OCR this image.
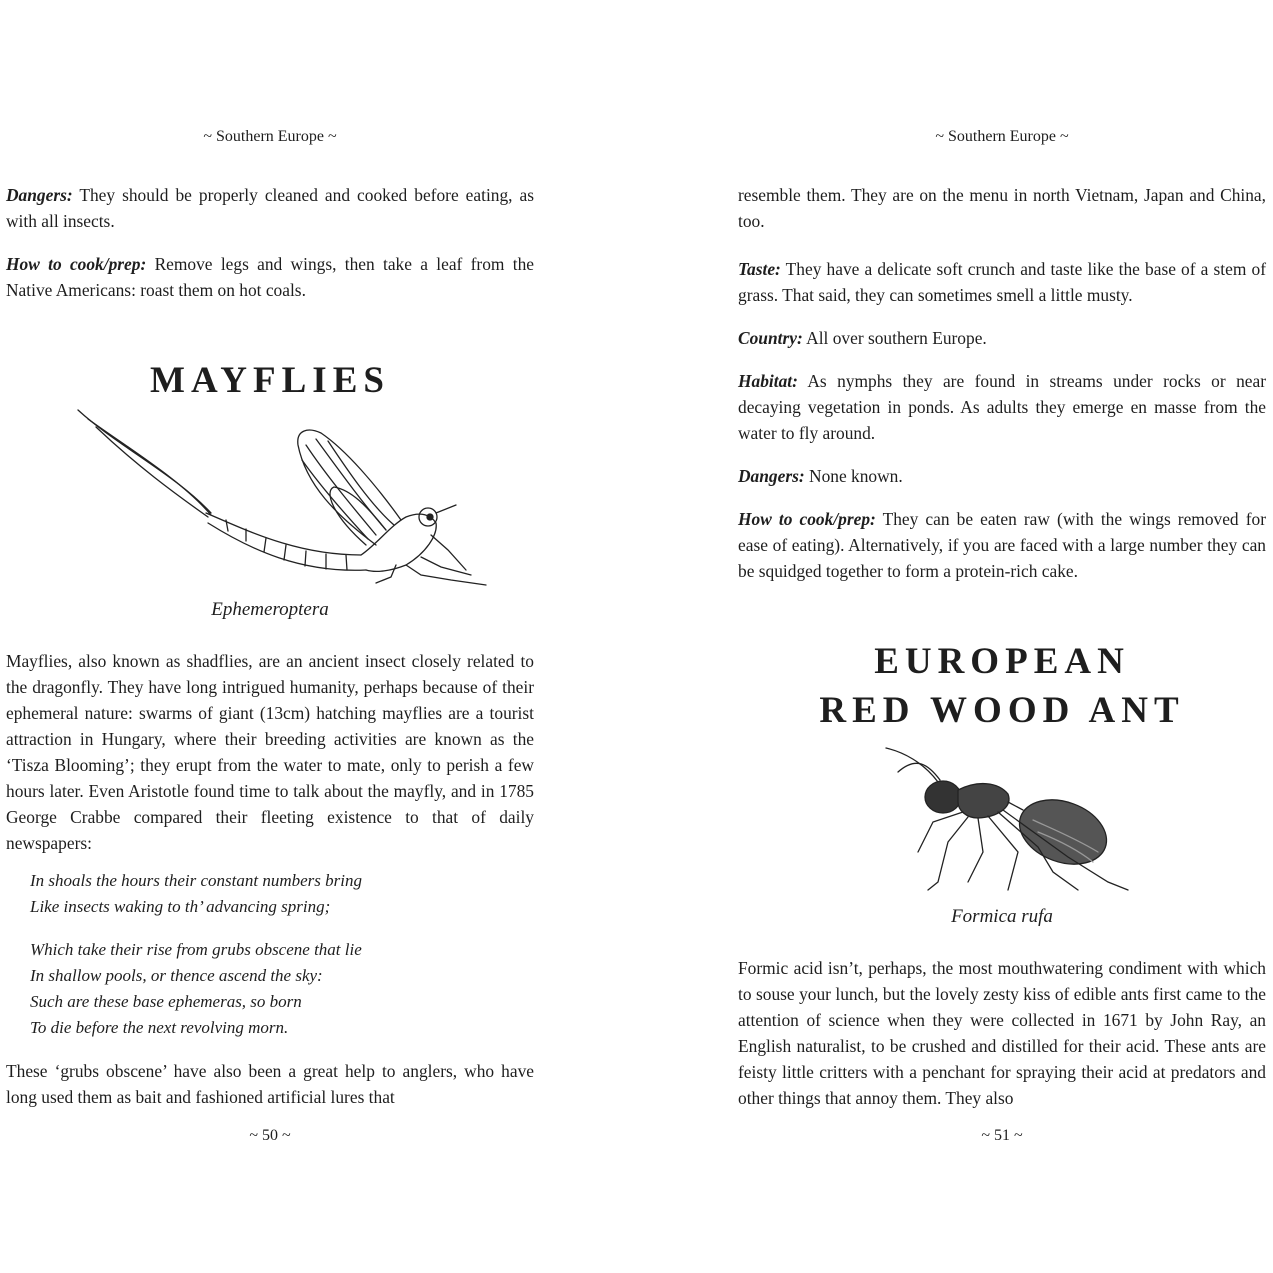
~ Southern Europe ~

Dangers: They should be properly cleaned and cooked before eating, as with all insects.

How to cook/prep: Remove legs and wings, then take a leaf from the Native Americans: roast them on hot coals.

MAYFLIES
Ephemeroptera

Mayflies, also known as shadflies, are an ancient insect closely related to the dragonfly. They have long intrigued humanity, perhaps because of their ephemeral nature: swarms of giant (13cm) hatching mayflies are a tourist attraction in Hungary, where their breeding activities are known as the ‘Tisza Blooming’; they erupt from the water to mate, only to perish a few hours later. Even Aristotle found time to talk about the mayfly, and in 1785 George Crabbe compared their fleeting existence to that of daily newspapers:

In shoals the hours their constant numbers bring
Like insects waking to th’ advancing spring;
Which take their rise from grubs obscene that lie
In shallow pools, or thence ascend the sky:
Such are these base ephemeras, so born
To die before the next revolving morn.

These ‘grubs obscene’ have also been a great help to anglers, who have long used them as bait and fashioned artificial lures that

~ 50 ~
~ Southern Europe ~

resemble them. They are on the menu in north Vietnam, Japan and China, too.

Taste: They have a delicate soft crunch and taste like the base of a stem of grass. That said, they can sometimes smell a little musty.

Country: All over southern Europe.

Habitat: As nymphs they are found in streams under rocks or near decaying vegetation in ponds. As adults they emerge en masse from the water to fly around.

Dangers: None known.

How to cook/prep: They can be eaten raw (with the wings removed for ease of eating). Alternatively, if you are faced with a large number they can be squidged together to form a protein-rich cake.

EUROPEAN
RED WOOD ANT
Formica rufa

Formic acid isn’t, perhaps, the most mouthwatering condiment with which to souse your lunch, but the lovely zesty kiss of edible ants first came to the attention of science when they were collected in 1671 by John Ray, an English naturalist, to be crushed and distilled for their acid. These ants are feisty little critters with a penchant for spraying their acid at predators and other things that annoy them. They also

~ 51 ~
